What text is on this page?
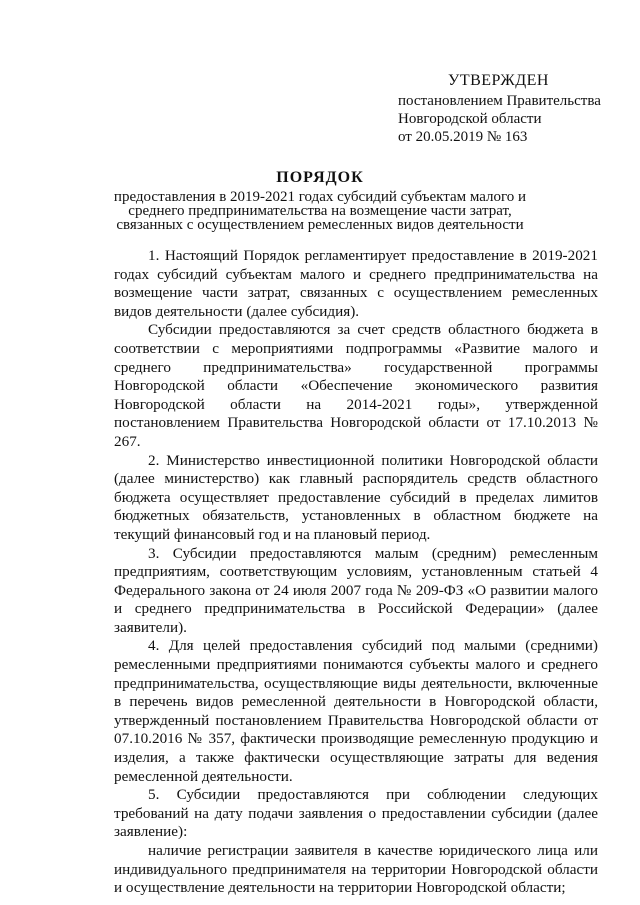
УТВЕРЖДЕН
постановлением Правительства
Новгородской области
от 20.05.2019 № 163
ПОРЯДОК
предоставления в 2019-2021 годах субсидий субъектам малого и среднего предпринимательства на возмещение части затрат, связанных с осуществлением ремесленных видов деятельности

1. Настоящий Порядок регламентирует предоставление в 2019-2021 годах субсидий субъектам малого и среднего предпринимательства на возмещение части затрат, связанных с осуществлением ремесленных видов деятельности (далее субсидия).

Субсидии предоставляются за счет средств областного бюджета в соответствии с мероприятиями подпрограммы «Развитие малого и среднего предпринимательства» государственной программы Новгородской области «Обеспечение экономического развития Новгородской области на 2014-2021 годы», утвержденной постановлением Правительства Новгородской области от 17.10.2013 № 267.

2. Министерство инвестиционной политики Новгородской области (далее министерство) как главный распорядитель средств областного бюджета осуществляет предоставление субсидий в пределах лимитов бюджетных обязательств, установленных в областном бюджете на текущий финансовый год и на плановый период.

3. Субсидии предоставляются малым (средним) ремесленным предприятиям, соответствующим условиям, установленным статьей 4 Федерального закона от 24 июля 2007 года № 209-ФЗ «О развитии малого и среднего предпринимательства в Российской Федерации» (далее заявители).

4. Для целей предоставления субсидий под малыми (средними) ремесленными предприятиями понимаются субъекты малого и среднего предпринимательства, осуществляющие виды деятельности, включенные в перечень видов ремесленной деятельности в Новгородской области, утвержденный постановлением Правительства Новгородской области от 07.10.2016 № 357, фактически производящие ремесленную продукцию и изделия, а также фактически осуществляющие затраты для ведения ремесленной деятельности.

5. Субсидии предоставляются при соблюдении следующих требований на дату подачи заявления о предоставлении субсидии (далее заявление):

наличие регистрации заявителя в качестве юридического лица или индивидуального предпринимателя на территории Новгородской области и осуществление деятельности на территории Новгородской области;
